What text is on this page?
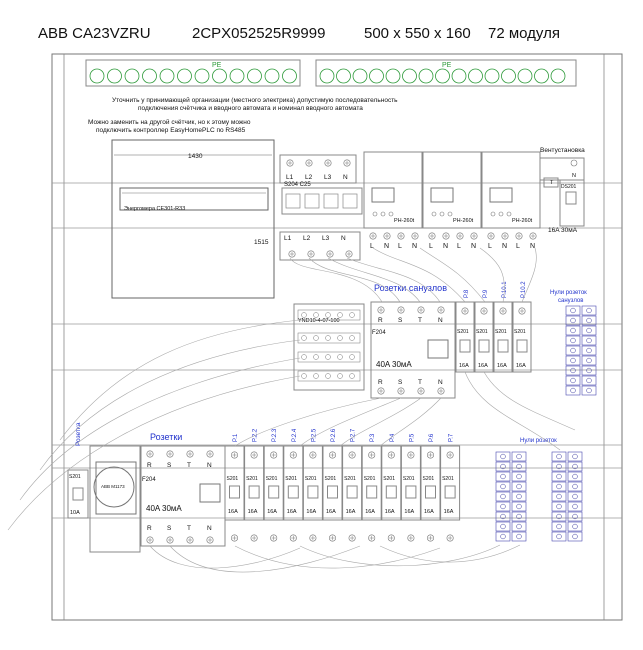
ABB CA23VZRU	2CPX052525R9999	500 x 550 x 160 72 модуля
PE	PE
Уточнить у принимающей организации (местного электрика) допустимую последовательность
подключения счётчика и вводного автомата и номинал вводного автомата
Можно заменить на другой счётчик, но к этому можно
подключить контроллер EasyHomePLC по RS485
1430
Энергомера CE301-R33
1515
L1 L2 L3 N
S204 C25
L1 L2 L3 N
РН-260t
L N L N
РН-260t
L N L N
РН-260t
L N L N
Вентустановка
N
T
DS201
16A 30мА
YND10-4-07-100
Розетки санузлов
F204
40A 30мА
R
R
S
S
T
T
N
N
P.8
S201
16A
P.9
S201
16A
P.10.1
S201
16A
P.10.2
S201
16A
Нули розеток
санузлов
Розетка
S201
10A
ABB M1173
Розетки
F204
40A 30мА
R
R
S
S
T
T
N
N
P.1
S201
16A
P.2.2
S201
16A
P.2.3
S201
16A
P.2.4
S201
16A
P.2.5
S201
16A
P.2.6
S201
16A
P.2.7
S201
16A
P.3
S201
16A
P.4
S201
16A
P.5
S201
16A
P.6
S201
16A
P.7
S201
16A
Нули розеток
